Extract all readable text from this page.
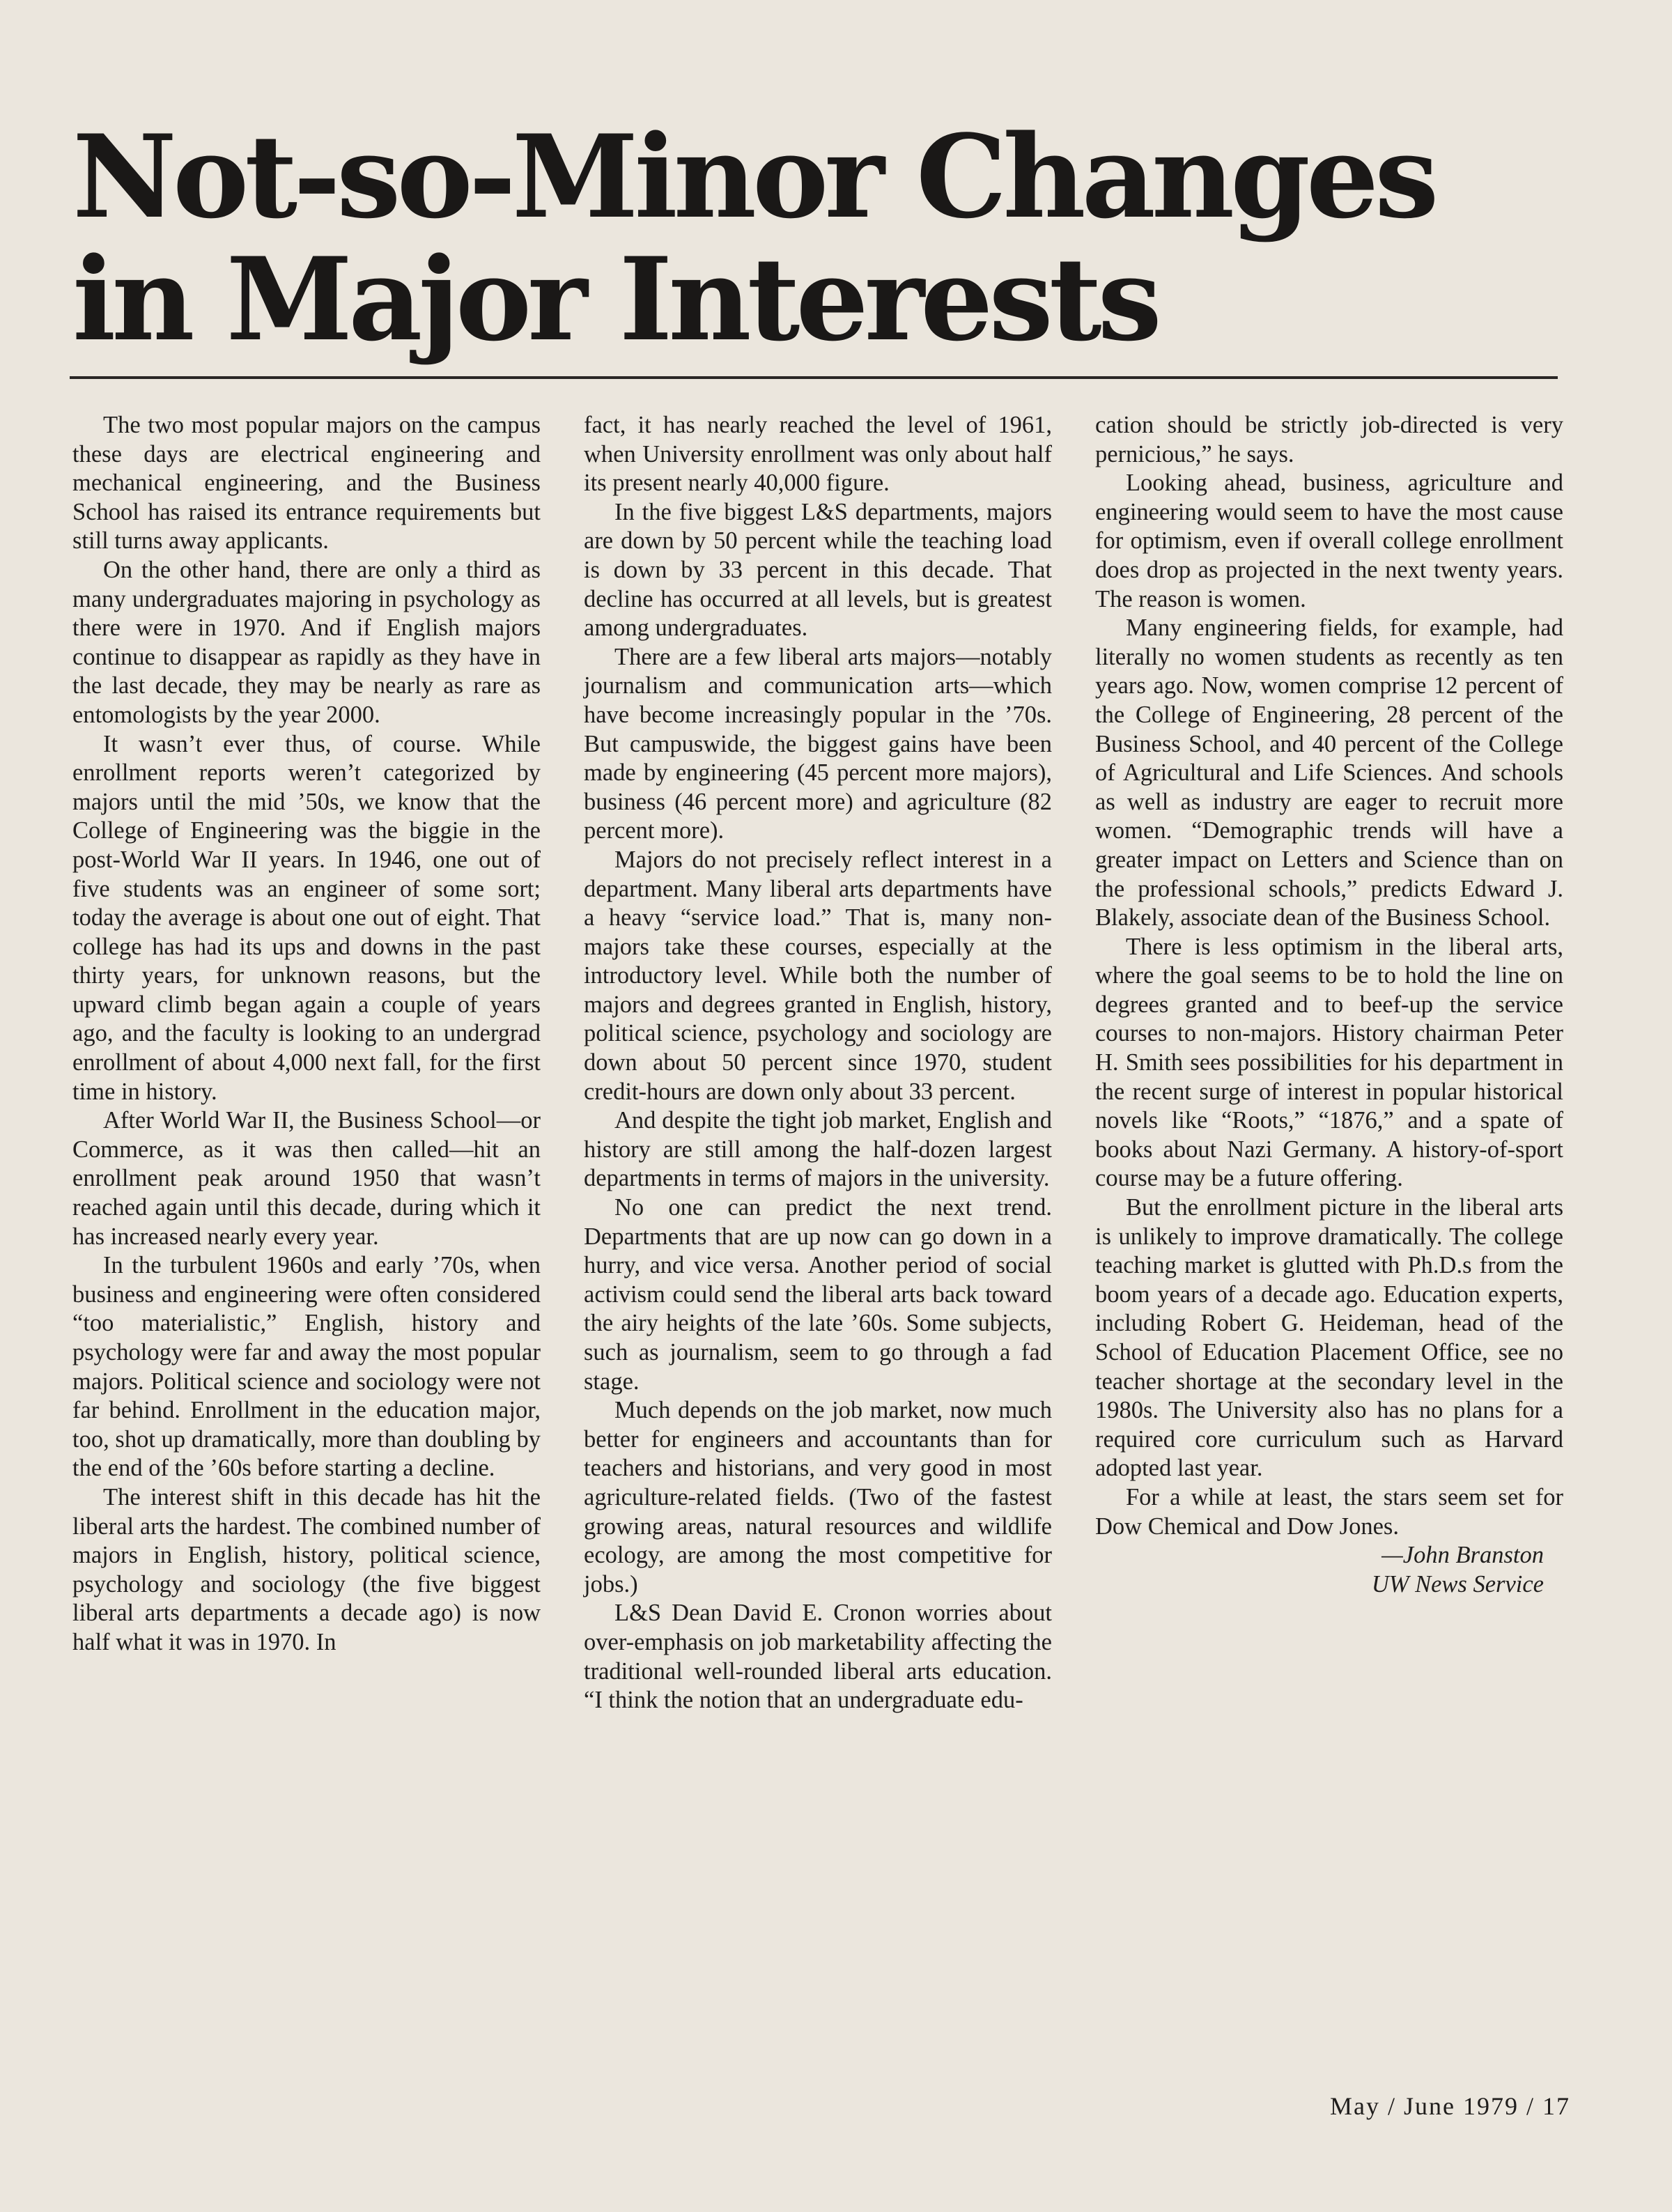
Not-so-Minor Changes
in Major Interests

The two most popular majors on the campus these days are electrical engineering and mechanical engineering, and the Business School has raised its entrance requirements but still turns away applicants.

On the other hand, there are only a third as many undergraduates majoring in psychology as there were in 1970. And if English majors continue to disappear as rapidly as they have in the last decade, they may be nearly as rare as entomologists by the year 2000.

It wasn’t ever thus, of course. While enrollment reports weren’t categorized by majors until the mid ’50s, we know that the College of Engineering was the biggie in the post-World War II years. In 1946, one out of five students was an engineer of some sort; today the average is about one out of eight. That college has had its ups and downs in the past thirty years, for unknown reasons, but the upward climb began again a couple of years ago, and the faculty is looking to an undergrad enrollment of about 4,000 next fall, for the first time in history.

After World War II, the Business School—or Commerce, as it was then called—hit an enrollment peak around 1950 that wasn’t reached again until this decade, during which it has increased nearly every year.

In the turbulent 1960s and early ’70s, when business and engineering were often considered “too materialistic,” English, history and psychology were far and away the most popular majors. Political science and sociology were not far behind. Enrollment in the education major, too, shot up dramatically, more than doubling by the end of the ’60s before starting a decline.

The interest shift in this decade has hit the liberal arts the hardest. The combined number of majors in English, history, political science, psychology and sociology (the five biggest liberal arts departments a decade ago) is now half what it was in 1970. In

fact, it has nearly reached the level of 1961, when University enrollment was only about half its present nearly 40,000 figure.

In the five biggest L&S departments, majors are down by 50 percent while the teaching load is down by 33 percent in this decade. That decline has occurred at all levels, but is greatest among undergraduates.

There are a few liberal arts majors—notably journalism and communication arts—which have become increasingly popular in the ’70s. But campuswide, the biggest gains have been made by engineering (45 percent more majors), business (46 percent more) and agriculture (82 percent more).

Majors do not precisely reflect interest in a department. Many liberal arts departments have a heavy “service load.” That is, many non-majors take these courses, especially at the introductory level. While both the number of majors and degrees granted in English, history, political science, psychology and sociology are down about 50 percent since 1970, student credit-hours are down only about 33 percent.

And despite the tight job market, English and history are still among the half-dozen largest departments in terms of majors in the university.

No one can predict the next trend. Departments that are up now can go down in a hurry, and vice versa. Another period of social activism could send the liberal arts back toward the airy heights of the late ’60s. Some subjects, such as journalism, seem to go through a fad stage.

Much depends on the job market, now much better for engineers and accountants than for teachers and historians, and very good in most agriculture-related fields. (Two of the fastest growing areas, natural resources and wildlife ecology, are among the most competitive for jobs.)

L&S Dean David E. Cronon worries about over-emphasis on job marketability affecting the traditional well-rounded liberal arts education. “I think the notion that an undergraduate edu-

cation should be strictly job-directed is very pernicious,” he says.

Looking ahead, business, agriculture and engineering would seem to have the most cause for optimism, even if overall college enrollment does drop as projected in the next twenty years. The reason is women.

Many engineering fields, for example, had literally no women students as recently as ten years ago. Now, women comprise 12 percent of the College of Engineering, 28 percent of the Business School, and 40 percent of the College of Agricultural and Life Sciences. And schools as well as industry are eager to recruit more women. “Demographic trends will have a greater impact on Letters and Science than on the professional schools,” predicts Edward J. Blakely, associate dean of the Business School.

There is less optimism in the liberal arts, where the goal seems to be to hold the line on degrees granted and to beef-up the service courses to non-majors. History chairman Peter H. Smith sees possibilities for his department in the recent surge of interest in popular historical novels like “Roots,” “1876,” and a spate of books about Nazi Germany. A history-of-sport course may be a future offering.

But the enrollment picture in the liberal arts is unlikely to improve dramatically. The college teaching market is glutted with Ph.D.s from the boom years of a decade ago. Education experts, including Robert G. Heideman, head of the School of Education Placement Office, see no teacher shortage at the secondary level in the 1980s. The University also has no plans for a required core curriculum such as Harvard adopted last year.

For a while at least, the stars seem set for Dow Chemical and Dow Jones.

—John Branston
UW News Service
May / June 1979 / 17
